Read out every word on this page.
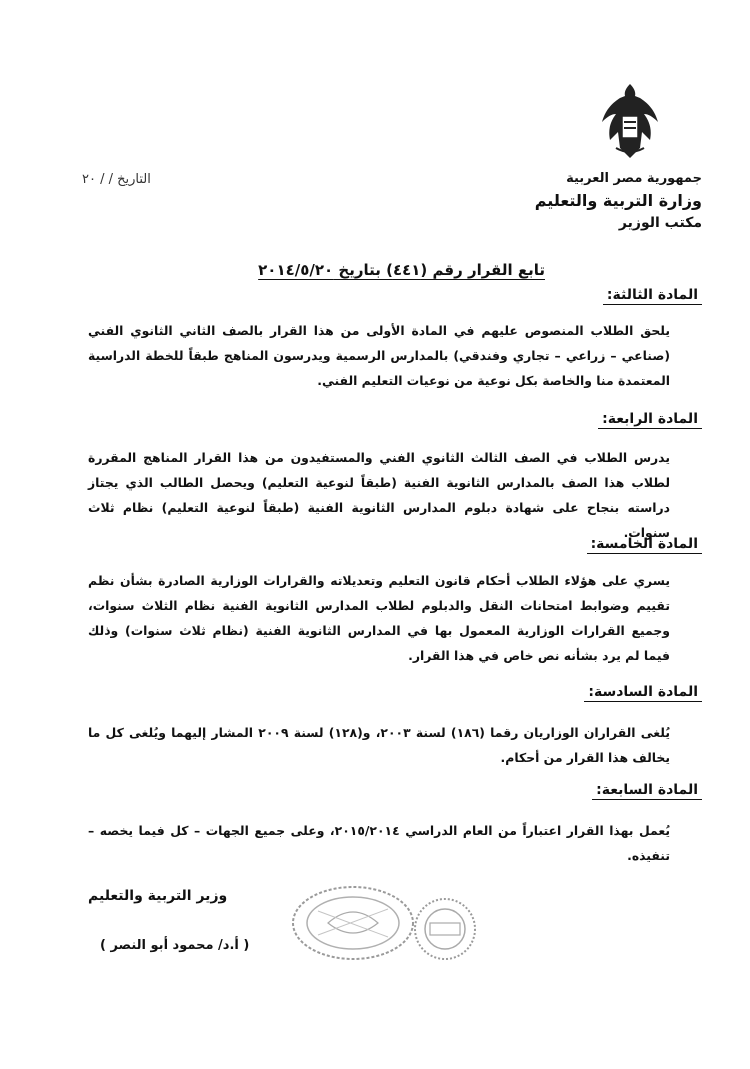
جمهورية مصر العربية
وزارة التربية والتعليم
مكتب الوزير
التاريخ / / ٢٠
تابع القرار رقم (٤٤١) بتاريخ ٢٠١٤/٥/٢٠
المادة الثالثة:
يلحق الطلاب المنصوص عليهم في المادة الأولى من هذا القرار بالصف الثاني الثانوي الفني (صناعي – زراعي – تجاري وفندقي) بالمدارس الرسمية ويدرسون المناهج طبقاً للخطة الدراسية المعتمدة منا والخاصة بكل نوعية من نوعيات التعليم الفني.
المادة الرابعة:
يدرس الطلاب في الصف الثالث الثانوي الفني والمستفيدون من هذا القرار المناهج المقررة لطلاب هذا الصف بالمدارس الثانوية الفنية (طبقاً لنوعية التعليم) ويحصل الطالب الذي يجتاز دراسته بنجاح على شهادة دبلوم المدارس الثانوية الفنية (طبقاً لنوعية التعليم) نظام ثلاث سنوات.
المادة الخامسة:
يسري على هؤلاء الطلاب أحكام قانون التعليم وتعديلاته والقرارات الوزارية الصادرة بشأن نظم تقييم وضوابط امتحانات النقل والدبلوم لطلاب المدارس الثانوية الفنية نظام الثلاث سنوات، وجميع القرارات الوزارية المعمول بها في المدارس الثانوية الفنية (نظام ثلاث سنوات) وذلك فيما لم يرد بشأنه نص خاص في هذا القرار.
المادة السادسة:
يُلغى القراران الوزاريان رقما (١٨٦) لسنة ٢٠٠٣، و(١٢٨) لسنة ٢٠٠٩ المشار إليهما ويُلغى كل ما يخالف هذا القرار من أحكام.
المادة السابعة:
يُعمل بهذا القرار اعتباراً من العام الدراسي ٢٠١٥/٢٠١٤، وعلى جميع الجهات – كل فيما يخصه – تنفيذه.
وزير التربية والتعليم
( أ.د/ محمود أبو النصر )
